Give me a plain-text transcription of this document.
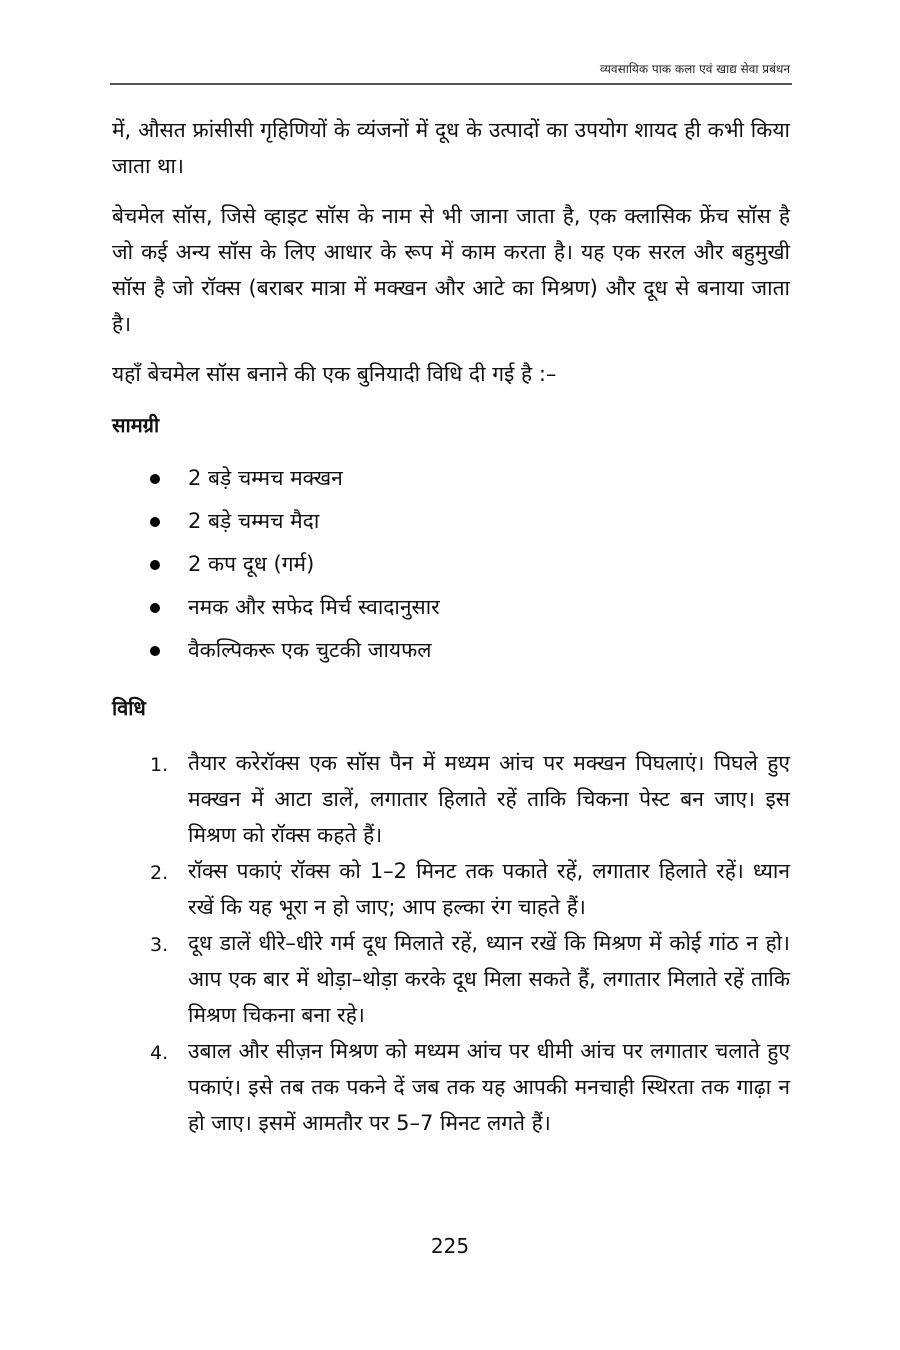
व्यवसायिक पाक कला एवं खाद्य सेवा प्रबंधन

में, औसत फ्रांसीसी गृहिणियों के व्यंजनों में दूध के उत्पादों का उपयोग शायद ही कभी किया जाता था।

बेचमेल सॉस, जिसे व्हाइट सॉस के नाम से भी जाना जाता है, एक क्लासिक फ्रेंच सॉस है जो कई अन्य सॉस के लिए आधार के रूप में काम करता है। यह एक सरल और बहुमुखी सॉस है जो रॉक्स (बराबर मात्रा में मक्खन और आटे का मिश्रण) और दूध से बनाया जाता है।

यहाँ बेचमेल सॉस बनाने की एक बुनियादी विधि दी गई है :–

सामग्री
2 बड़े चम्मच मक्खन
2 बड़े चम्मच मैदा
2 कप दूध (गर्म)
नमक और सफेद मिर्च स्वादानुसार
वैकल्पिकरू एक चुटकी जायफल
विधि
1. तैयार करेरॉक्स एक सॉस पैन में मध्यम आंच पर मक्खन पिघलाएं। पिघले हुए मक्खन में आटा डालें, लगातार हिलाते रहें ताकि चिकना पेस्ट बन जाए। इस मिश्रण को रॉक्स कहते हैं।
2. रॉक्स पकाएं रॉक्स को 1–2 मिनट तक पकाते रहें, लगातार हिलाते रहें। ध्यान रखें कि यह भूरा न हो जाए; आप हल्का रंग चाहते हैं।
3. दूध डालें धीरे–धीरे गर्म दूध मिलाते रहें, ध्यान रखें कि मिश्रण में कोई गांठ न हो। आप एक बार में थोड़ा–थोड़ा करके दूध मिला सकते हैं, लगातार मिलाते रहें ताकि मिश्रण चिकना बना रहे।
4. उबाल और सीज़न मिश्रण को मध्यम आंच पर धीमी आंच पर लगातार चलाते हुए पकाएं। इसे तब तक पकने दें जब तक यह आपकी मनचाही स्थिरता तक गाढ़ा न हो जाए। इसमें आमतौर पर 5–7 मिनट लगते हैं।
225
